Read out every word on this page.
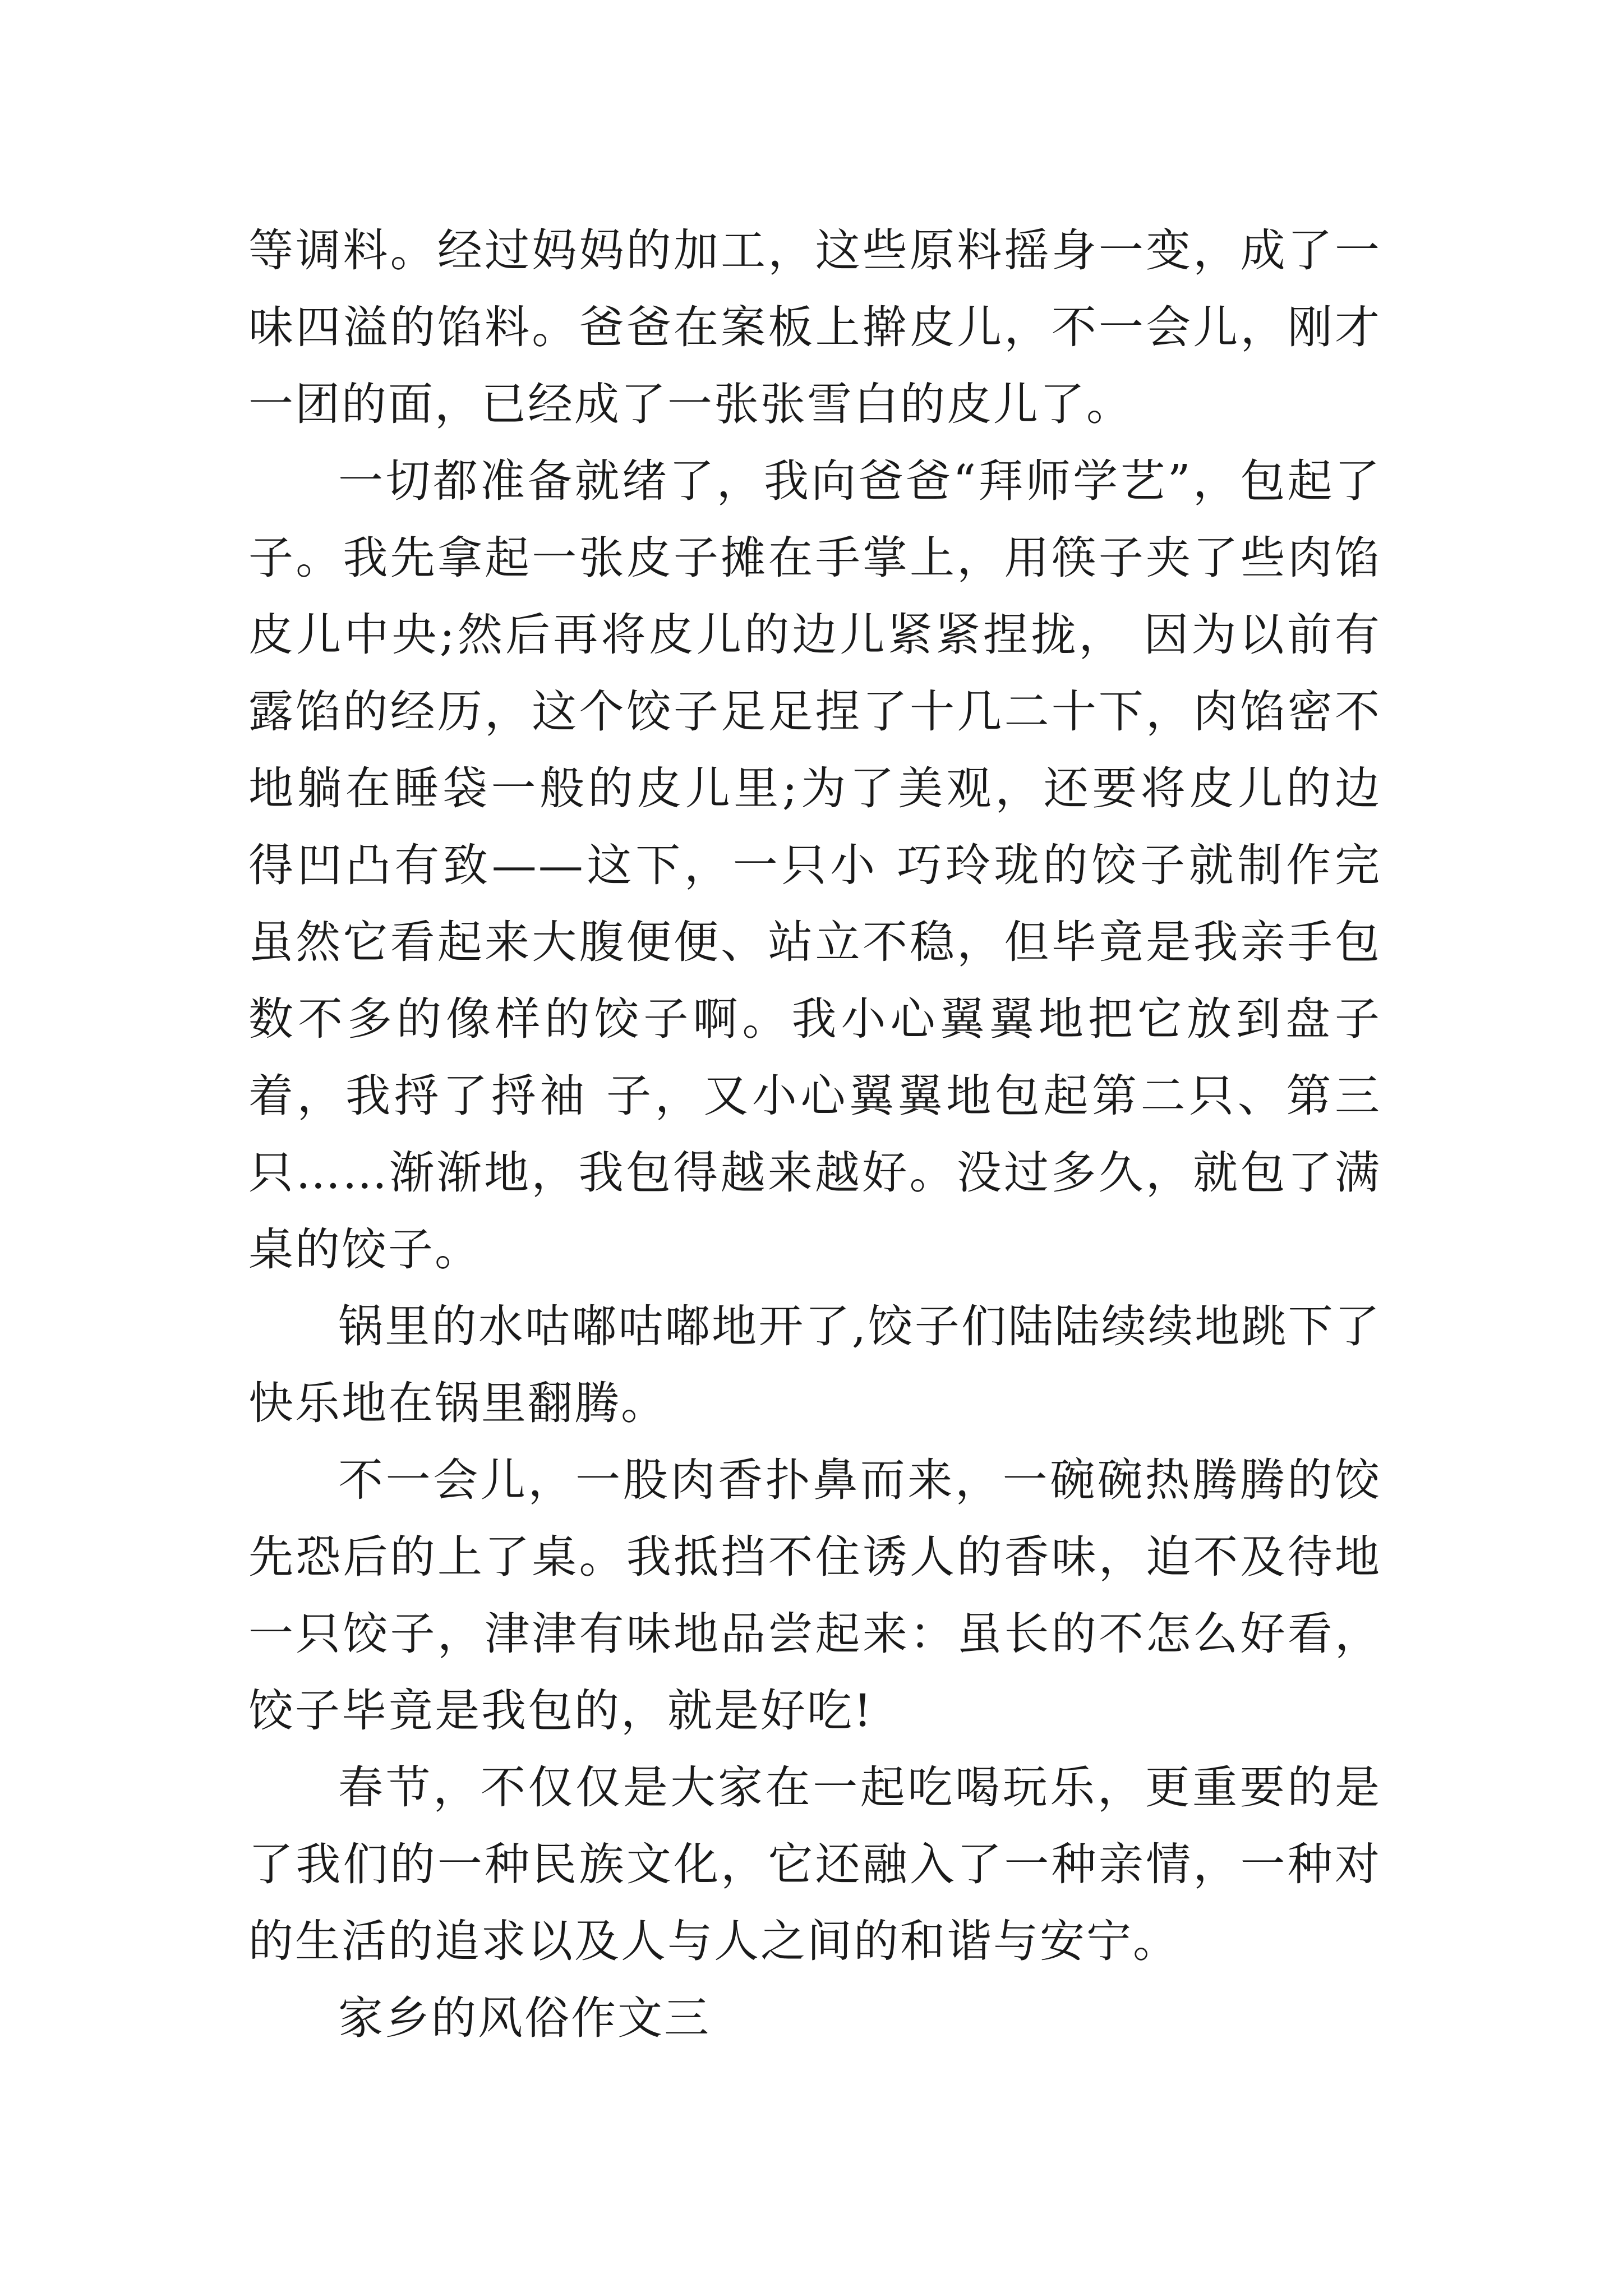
等调料。经过妈妈的加工，这些原料摇身一变，成了一
味四溢的馅料。爸爸在案板上擀皮儿，不一会儿，刚才
一团的面，已经成了一张张雪白的皮儿了。
一切都准备就绪了，我向爸爸“拜师学艺”，包起了
子。我先拿起一张皮子摊在手掌上，用筷子夹了些肉馅
皮儿中央;然后再将皮儿的边儿紧紧捏拢， 因为以前有
露馅的经历，这个饺子足足捏了十几二十下，肉馅密不
地躺在睡袋一般的皮儿里;为了美观，还要将皮儿的边
得凹凸有致——这下，一只小 巧玲珑的饺子就制作完
虽然它看起来大腹便便、站立不稳，但毕竟是我亲手包
数不多的像样的饺子啊。我小心翼翼地把它放到盘子
着，我捋了捋袖 子，又小心翼翼地包起第二只、第三
只……渐渐地，我包得越来越好。没过多久，就包了满
桌的饺子。
锅里的水咕嘟咕嘟地开了,饺子们陆陆续续地跳下了
快乐地在锅里翻腾。
不一会儿，一股肉香扑鼻而来，一碗碗热腾腾的饺
先恐后的上了桌。我抵挡不住诱人的香味，迫不及待地
一只饺子，津津有味地品尝起来：虽长的不怎么好看，
饺子毕竟是我包的，就是好吃!
春节，不仅仅是大家在一起吃喝玩乐，更重要的是
了我们的一种民族文化，它还融入了一种亲情，一种对
的生活的追求以及人与人之间的和谐与安宁。
家乡的风俗作文三
